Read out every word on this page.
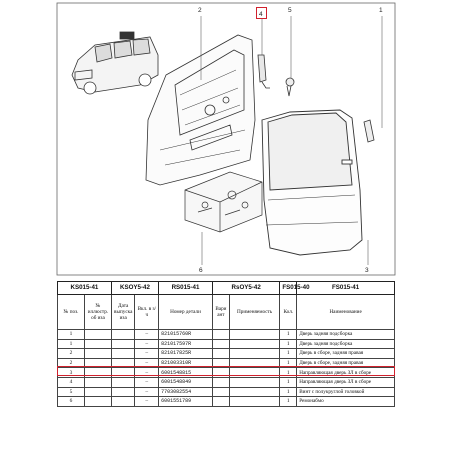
2
4
5	1
3
6
KS015-41		KSOY5-42		RS015-41	RsOY5-42		FS015-40	FS015-41
№ поз.	№ иллюстр. об иза	Дата выпуска иза	Вкл. в з/ч	Номер детали	Вари ант	Применяемость	Кол.	Наименование
1			–	821015760R			1	Дверь задняя подсборка
1			–	821017597R			1	Дверь задняя подсборка
2			–	821017825R			1	Дверь в сборе, задняя правая
2			–	821003310R			1	Дверь в сборе, задняя правая
3			–	6001548815			1	Направляющая дверь ЗЛ в сборе
4			–	6001548849			1	Направляющая дверь ЗЛ в сборе
5			–	7703082554			1	Винт с полукруглой головкой
6			–	6001551789			1	Ремонабмо
